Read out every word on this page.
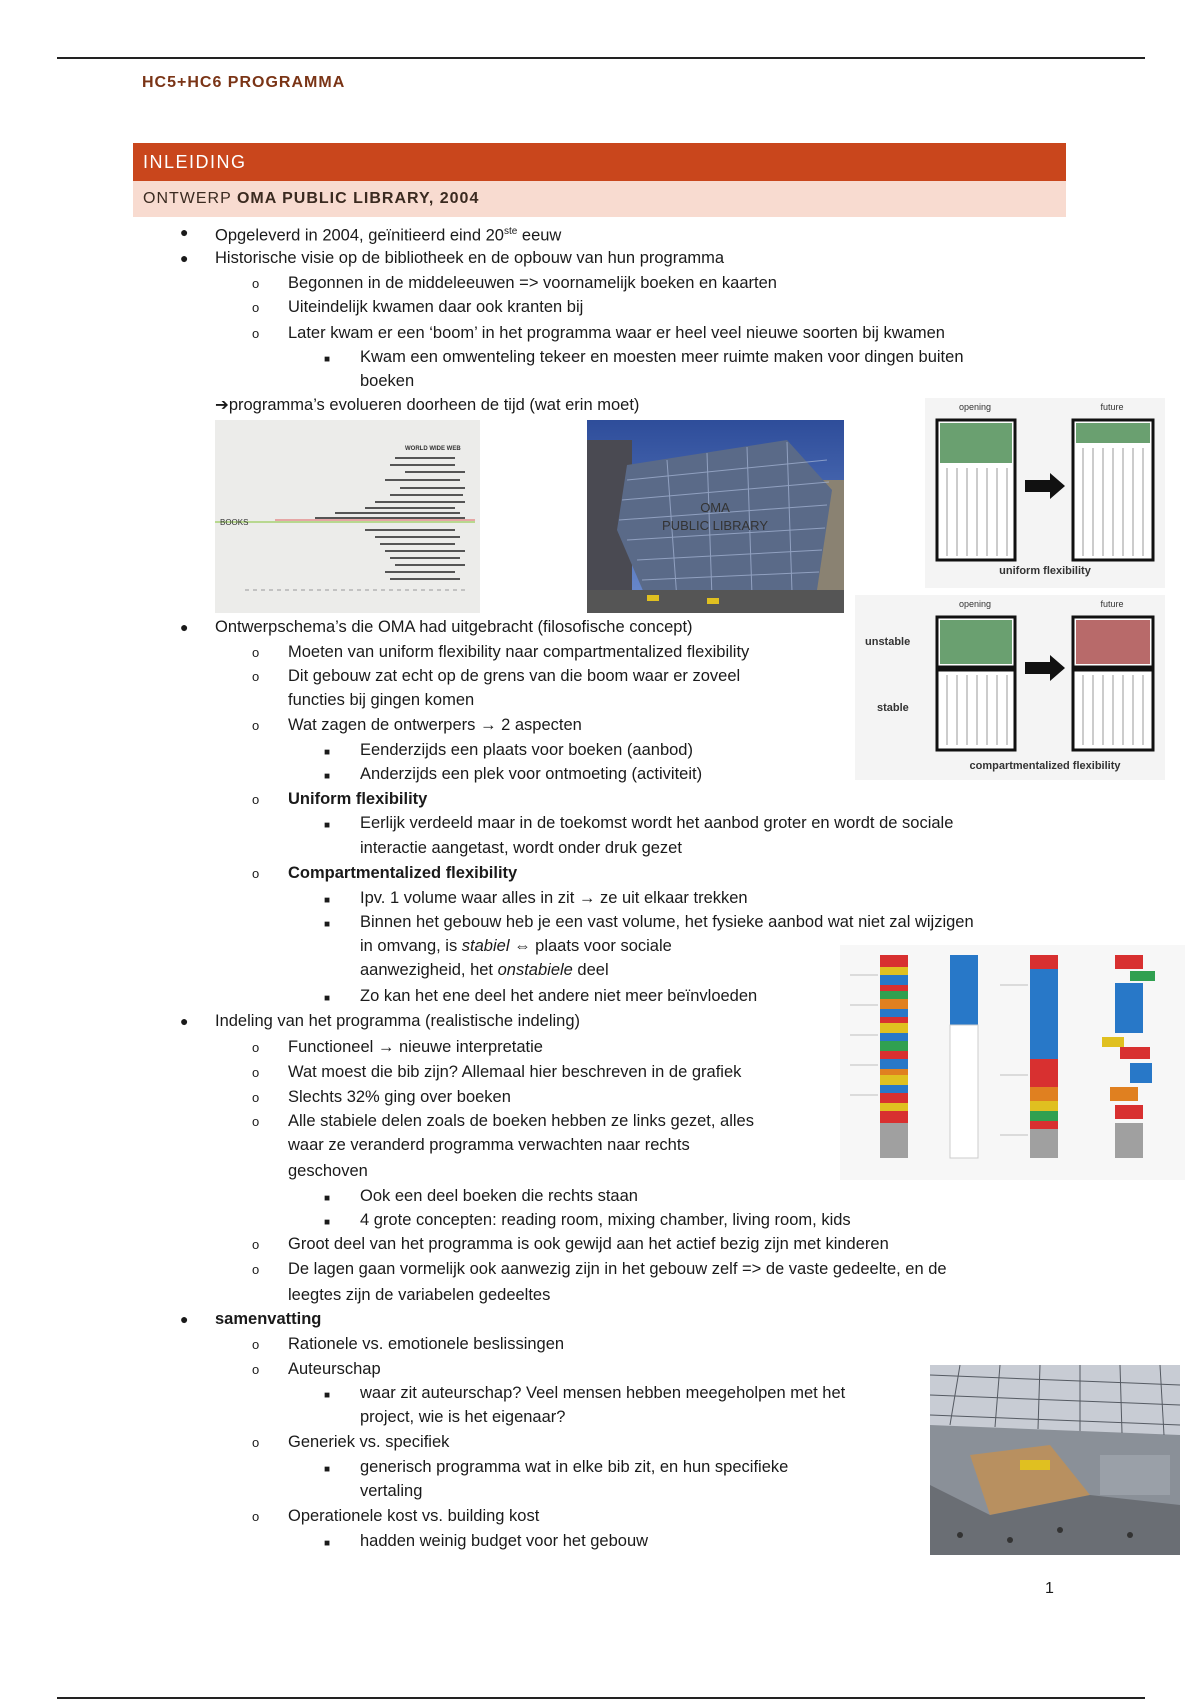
HC5+HC6 PROGRAMMA
INLEIDING
ONTWERP OMA PUBLIC LIBRARY, 2004
● Opgeleverd in 2004, geïnitieerd eind 20ste eeuw
● Historische visie op de bibliotheek en de opbouw van hun programma
o Begonnen in de middeleeuwen => voornamelijk boeken en kaarten
o Uiteindelijk kwamen daar ook kranten bij
o Later kwam er een ‘boom’ in het programma waar er heel veel nieuwe soorten bij kwamen
■ Kwam een omwenteling tekeer en moesten meer ruimte maken voor dingen buiten
boeken
➔programma’s evolueren doorheen de tijd (wat erin moet)
BOOKS
WORLD WIDE WEB
OMA
PUBLIC LIBRARY
opening	future
uniform flexibility
opening	future
unstable
stable
compartmentalized flexibility
● Ontwerpschema’s die OMA had uitgebracht (filosofische concept)
o Moeten van uniform flexibility naar compartmentalized flexibility
o Dit gebouw zat echt op de grens van die boom waar er zoveel
functies bij gingen komen
o Wat zagen de ontwerpers → 2 aspecten
■ Eenderzijds een plaats voor boeken (aanbod)
■ Anderzijds een plek voor ontmoeting (activiteit)
o Uniform flexibility
■ Eerlijk verdeeld maar in de toekomst wordt het aanbod groter en wordt de sociale
interactie aangetast, wordt onder druk gezet
o Compartmentalized flexibility
■ Ipv. 1 volume waar alles in zit → ze uit elkaar trekken
■ Binnen het gebouw heb je een vast volume, het fysieke aanbod wat niet zal wijzigen
in omvang, is stabiel ⇔ plaats voor sociale
aanwezigheid, het onstabiele deel
■ Zo kan het ene deel het andere niet meer beïnvloeden
● Indeling van het programma (realistische indeling)
o Functioneel → nieuwe interpretatie
o Wat moest die bib zijn? Allemaal hier beschreven in de grafiek
o Slechts 32% ging over boeken
o Alle stabiele delen zoals de boeken hebben ze links gezet, alles
waar ze veranderd programma verwachten naar rechts
geschoven
■ Ook een deel boeken die rechts staan
■ 4 grote concepten: reading room, mixing chamber, living room, kids
o Groot deel van het programma is ook gewijd aan het actief bezig zijn met kinderen
o De lagen gaan vormelijk ook aanwezig zijn in het gebouw zelf => de vaste gedeelte, en de
leegtes zijn de variabelen gedeeltes
● samenvatting
o Rationele vs. emotionele beslissingen
o Auteurschap
■ waar zit auteurschap? Veel mensen hebben meegeholpen met het
project, wie is het eigenaar?
o Generiek vs. specifiek
■ generisch programma wat in elke bib zit, en hun specifieke
vertaling
o Operationele kost vs. building kost
■ hadden weinig budget voor het gebouw
1
